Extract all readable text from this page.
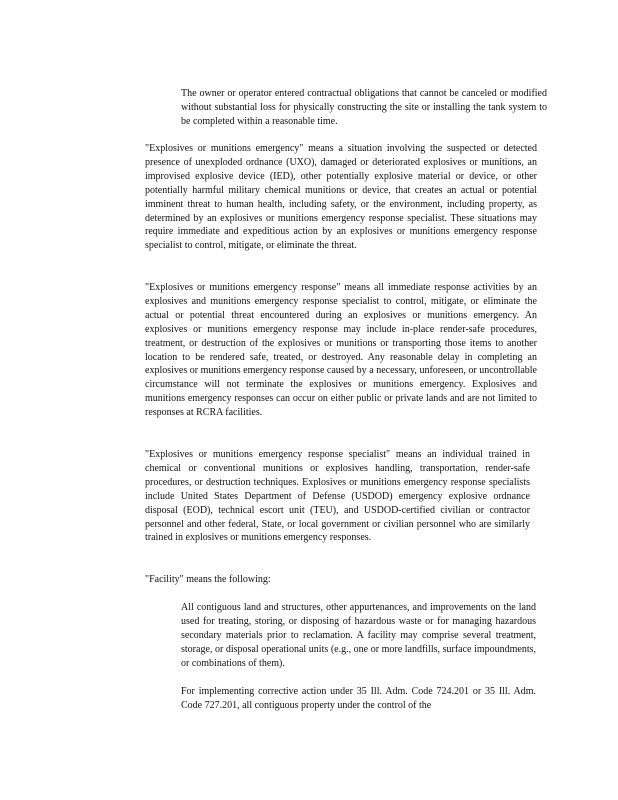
The owner or operator entered contractual obligations that cannot be canceled or modified without substantial loss for physically constructing the site or installing the tank system to be completed within a reasonable time.

"Explosives or munitions emergency" means a situation involving the suspected or detected presence of unexploded ordnance (UXO), damaged or deteriorated explosives or munitions, an improvised explosive device (IED), other potentially explosive material or device, or other potentially harmful military chemical munitions or device, that creates an actual or potential imminent threat to human health, including safety, or the environment, including property, as determined by an explosives or munitions emergency response specialist. These situations may require immediate and expeditious action by an explosives or munitions emergency response specialist to control, mitigate, or eliminate the threat.

"Explosives or munitions emergency response" means all immediate response activities by an explosives and munitions emergency response specialist to control, mitigate, or eliminate the actual or potential threat encountered during an explosives or munitions emergency. An explosives or munitions emergency response may include in-place render-safe procedures, treatment, or destruction of the explosives or munitions or transporting those items to another location to be rendered safe, treated, or destroyed. Any reasonable delay in completing an explosives or munitions emergency response caused by a necessary, unforeseen, or uncontrollable circumstance will not terminate the explosives or munitions emergency. Explosives and munitions emergency responses can occur on either public or private lands and are not limited to responses at RCRA facilities.

"Explosives or munitions emergency response specialist" means an individual trained in chemical or conventional munitions or explosives handling, transportation, render-safe procedures, or destruction techniques. Explosives or munitions emergency response specialists include United States Department of Defense (USDOD) emergency explosive ordnance disposal (EOD), technical escort unit (TEU), and USDOD-certified civilian or contractor personnel and other federal, State, or local government or civilian personnel who are similarly trained in explosives or munitions emergency responses.

"Facility" means the following:

All contiguous land and structures, other appurtenances, and improvements on the land used for treating, storing, or disposing of hazardous waste or for managing hazardous secondary materials prior to reclamation. A facility may comprise several treatment, storage, or disposal operational units (e.g., one or more landfills, surface impoundments, or combinations of them).

For implementing corrective action under 35 Ill. Adm. Code 724.201 or 35 Ill. Adm. Code 727.201, all contiguous property under the control of the
